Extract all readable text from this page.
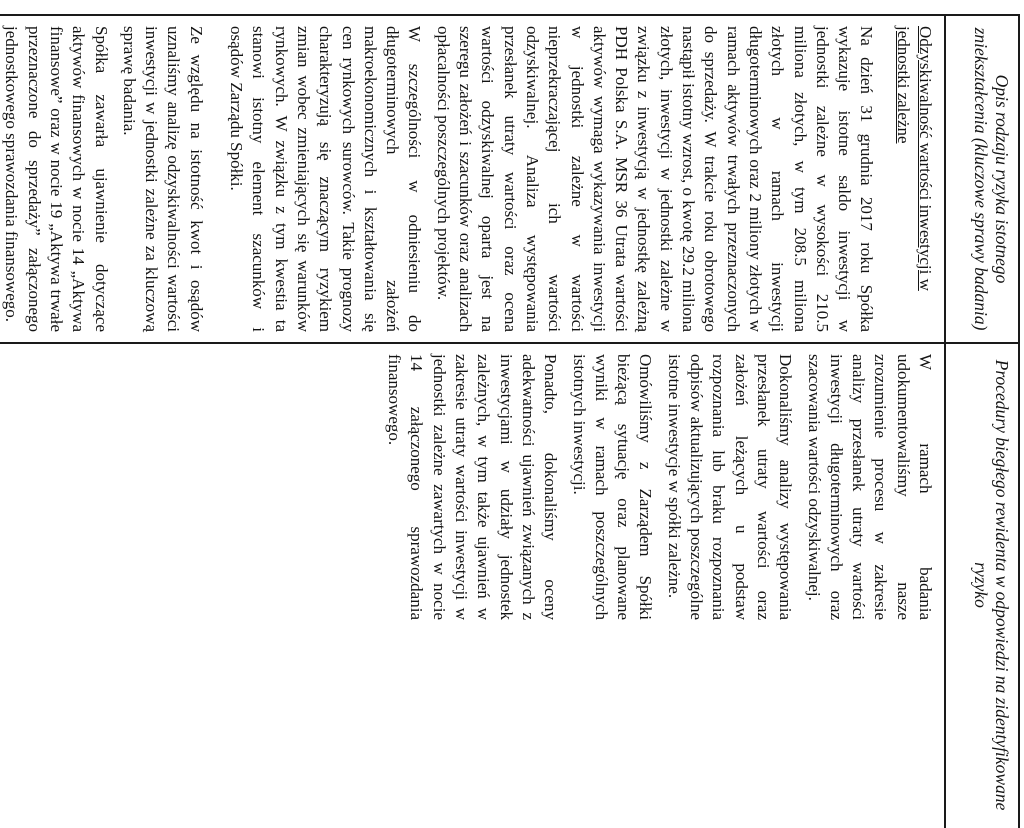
Opis rodzaju ryzyka istotnego zniekształcenia (kluczowe sprawy badania)
Procedury biegłego rewidenta w odpowiedzi na zidentyfikowane ryzyko

Odzyskiwalność wartości inwestycji w jednostki zależne

Na dzień 31 grudnia 2017 roku Spółka wykazuje istotne saldo inwestycji w jednostki zależne w wysokości 210.5 miliona złotych, w tym 208.5 miliona złotych w ramach inwestycji długoterminowych oraz 2 miliony złotych w ramach aktywów trwałych przeznaczonych do sprzedaży. W trakcie roku obrotowego nastąpił istotny wzrost, o kwotę 29.2 miliona złotych, inwestycji w jednostki zależne w związku z inwestycją w jednostkę zależną PDH Polska S.A. MSR 36 Utrata wartości aktywów wymaga wykazywania inwestycji w jednostki zależne w wartości nieprzekraczającej ich wartości odzyskiwalnej. Analiza występowania przesłanek utraty wartości oraz ocena wartości odzyskiwalnej oparta jest na szeregu założeń i szacunków oraz analizach opłacalności poszczególnych projektów.

W szczególności w odniesieniu do długoterminowych założeń makroekonomicznych i kształtowania się cen rynkowych surowców. Takie prognozy charakteryzują się znaczącym ryzykiem zmian wobec zmieniających się warunków rynkowych. W związku z tym kwestia ta stanowi istotny element szacunków i osądów Zarządu Spółki.

Ze względu na istotność kwot i osądów uznaliśmy analizę odzyskiwalności wartości inwestycji w jednostki zależne za kluczową sprawę badania.

Spółka zawarła ujawnienie dotyczące aktywów finansowych w nocie 14 „Aktywa finansowe” oraz w nocie 19 „Aktywa trwałe przeznaczone do sprzedaży” załączonego jednostkowego sprawozdania finansowego.

W ramach badania udokumentowaliśmy nasze zrozumienie procesu w zakresie analizy przesłanek utraty wartości inwestycji długoterminowych oraz szacowania wartości odzyskiwalnej.

Dokonaliśmy analizy występowania przesłanek utraty wartości oraz założeń leżących u podstaw rozpoznania lub braku rozpoznania odpisów aktualizujących poszczególne istotne inwestycje w spółki zależne.

Omówiliśmy z Zarządem Spółki bieżącą sytuację oraz planowane wyniki w ramach poszczególnych istotnych inwestycji.

Ponadto, dokonaliśmy oceny adekwatności ujawnień związanych z inwestycjami w udziały jednostek zależnych, w tym także ujawnień w zakresie utraty wartości inwestycji w jednostki zależne zawartych w nocie 14 załączonego sprawozdania finansowego.
